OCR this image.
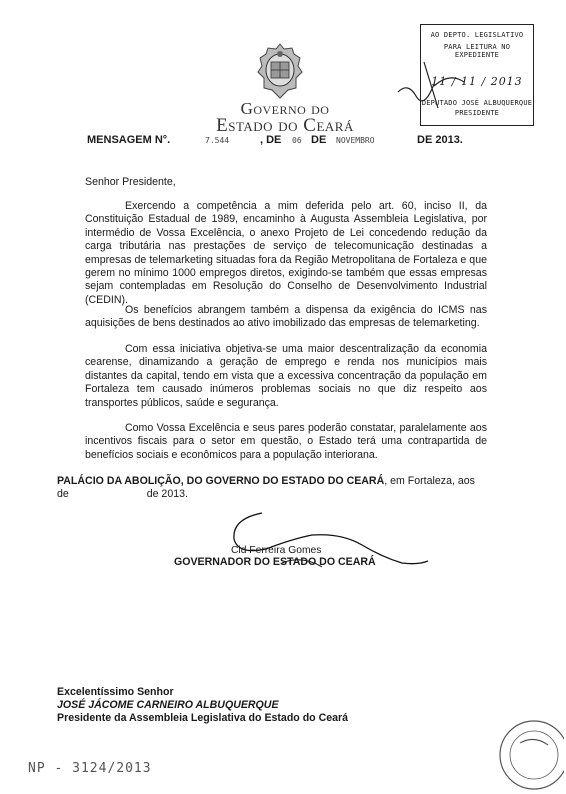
Governo do
Estado do Ceará
AO DEPTO. LEGISLATIVO
PARA LEITURA NO EXPEDIENTE
11 / 11 / 2013
DEPUTADO JOSÉ ALBUQUERQUE
PRESIDENTE
MENSAGEM N°.	7.544	, DE 06 DE NOVEMBRO	DE 2013.
Senhor Presidente,
Exercendo a competência a mim deferida pelo art. 60, inciso II, da Constituição Estadual de 1989, encaminho à Augusta Assembleia Legislativa, por intermédio de Vossa Excelência, o anexo Projeto de Lei concedendo redução da carga tributária nas prestações de serviço de telecomunicação destinadas a empresas de telemarketing situadas fora da Região Metropolitana de Fortaleza e que gerem no mínimo 1000 empregos diretos, exigindo-se também que essas empresas sejam contempladas em Resolução do Conselho de Desenvolvimento Industrial (CEDIN).
Os benefícios abrangem também a dispensa da exigência do ICMS nas aquisições de bens destinados ao ativo imobilizado das empresas de telemarketing.
Com essa iniciativa objetiva-se uma maior descentralização da economia cearense, dinamizando a geração de emprego e renda nos municípios mais distantes da capital, tendo em vista que a excessiva concentração da população em Fortaleza tem causado inúmeros problemas sociais no que diz respeito aos transportes públicos, saúde e segurança.
Como Vossa Excelência e seus pares poderão constatar, paralelamente aos incentivos fiscais para o setor em questão, o Estado terá uma contrapartida de benefícios sociais e econômicos para a população interiorana.
PALÁCIO DA ABOLIÇÃO, DO GOVERNO DO ESTADO DO CEARÁ, em Fortaleza, aos
de	de 2013.
Cid Ferreira Gomes
GOVERNADOR DO ESTADO DO CEARÁ
Excelentíssimo Senhor
JOSÉ JÁCOME CARNEIRO ALBUQUERQUE
Presidente da Assembleia Legislativa do Estado do Ceará
NP - 3124/2013
